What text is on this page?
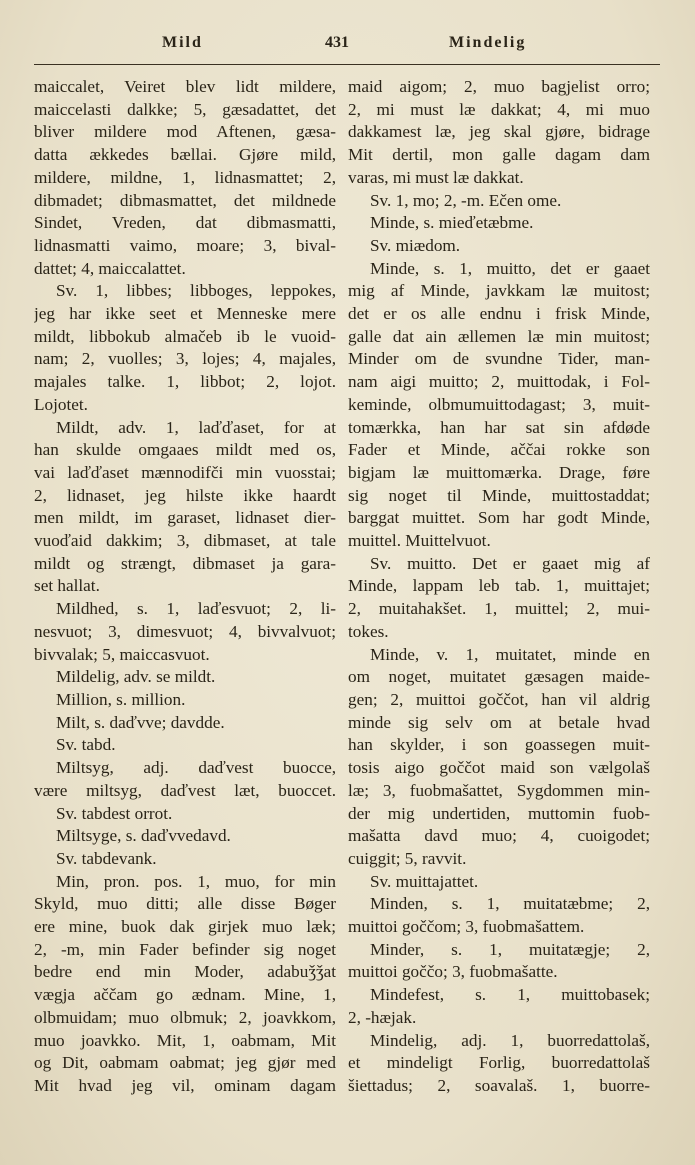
Mild	431	Mindelig
maiccalet, Veiret blev lidt mildere,
maiccelasti dalkke; 5, gæsadattet, det
bliver mildere mod Aftenen, gæsa-
datta ækkedes bællai. Gjøre mild,
mildere, mildne, 1, lidnasmattet; 2,
dibmadet; dibmasmattet, det mildnede
Sindet, Vreden, dat dibmasmatti,
lidnasmatti vaimo, moare; 3, bival-
dattet; 4, maiccalattet.
Sv. 1, libbes; libboges, leppokes,
jeg har ikke seet et Menneske mere
mildt, libbokub almačeb ib le vuoid-
nam; 2, vuolles; 3, lojes; 4, majales,
majales talke. 1, libbot; 2, lojot.
Lojotet.
Mildt, adv. 1, laďďaset, for at
han skulde omgaaes mildt med os,
vai laďďaset mænnodifči min vuosstai;
2, lidnaset, jeg hilste ikke haardt
men mildt, im garaset, lidnaset dier-
vuoďaid dakkim; 3, dibmaset, at tale
mildt og strængt, dibmaset ja gara-
set hallat.
Mildhed, s. 1, laďesvuot; 2, li-
nesvuot; 3, dimesvuot; 4, bivvalvuot;
bivvalak; 5, maiccasvuot.
Mildelig, adv. se mildt.
Million, s. million.
Milt, s. daďvve; davdde.
Sv. tabd.
Miltsyg, adj. daďvest buocce,
være miltsyg, daďvest læt, buoccet.
Sv. tabdest orrot.
Miltsyge, s. daďvvedavd.
Sv. tabdevank.
Min, pron. pos. 1, muo, for min
Skyld, muo ditti; alle disse Bøger
ere mine, buok dak girjek muo læk;
2, -m, min Fader befinder sig noget
bedre end min Moder, adabuǯǯat
vægja aččam go ædnam. Mine, 1,
olbmuidam; muo olbmuk; 2, joavkkom,
muo joavkko. Mit, 1, oabmam, Mit
og Dit, oabmam oabmat; jeg gjør med
Mit hvad jeg vil, ominam dagam
maid aigom; 2, muo bagjelist orro;
2, mi must læ dakkat; 4, mi muo
dakkamest læ, jeg skal gjøre, bidrage
Mit dertil, mon galle dagam dam
varas, mi must læ dakkat.
Sv. 1, mo; 2, -m. Ečen ome.
Minde, s. mieďetæbme.
Sv. miædom.
Minde, s. 1, muitto, det er gaaet
mig af Minde, javkkam læ muitost;
det er os alle endnu i frisk Minde,
galle dat ain ællemen læ min muitost;
Minder om de svundne Tider, man-
nam aigi muitto; 2, muittodak, i Fol-
keminde, olbmumuittodagast; 3, muit-
tomærkka, han har sat sin afdøde
Fader et Minde, aččai rokke son
bigjam læ muittomærka. Drage, føre
sig noget til Minde, muittostaddat;
barggat muittet. Som har godt Minde,
muittel. Muittelvuot.
Sv. muitto. Det er gaaet mig af
Minde, lappam leb tab. 1, muittajet;
2, muitahakšet. 1, muittel; 2, mui-
tokes.
Minde, v. 1, muitatet, minde en
om noget, muitatet gæsagen maide-
gen; 2, muittoi goččot, han vil aldrig
minde sig selv om at betale hvad
han skylder, i son goassegen muit-
tosis aigo goččot maid son vælgolaš
læ; 3, fuobmašattet, Sygdommen min-
der mig undertiden, muttomin fuob-
mašatta davd muo; 4, cuoigodet;
cuiggit; 5, ravvit.
Sv. muittajattet.
Minden, s. 1, muitatæbme; 2,
muittoi goččom; 3, fuobmašattem.
Minder, s. 1, muitatægje; 2,
muittoi goččo; 3, fuobmašatte.
Mindefest, s. 1, muittobasek;
2, -hæjak.
Mindelig, adj. 1, buorredattolaš,
et mindeligt Forlig, buorredattolaš
šiettadus; 2, soavalaš. 1, buorre-
